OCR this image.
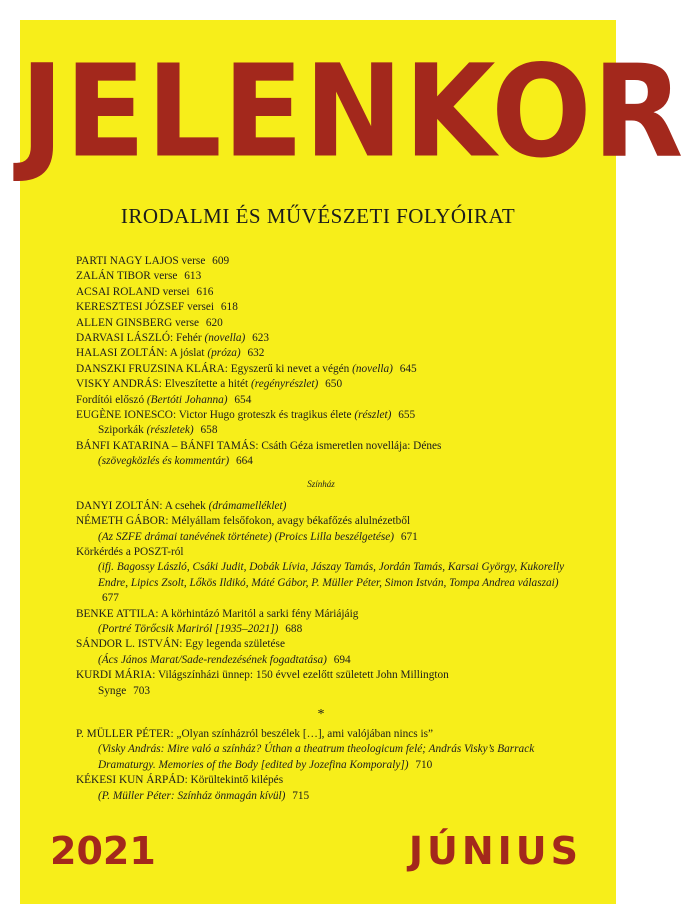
JELENKOR
IRODALMI ÉS MŰVÉSZETI FOLYÓIRAT
PARTI NAGY LAJOS verse 609
ZALÁN TIBOR verse 613
ACSAI ROLAND versei 616
KERESZTESI JÓZSEF versei 618
ALLEN GINSBERG verse 620
DARVASI LÁSZLÓ: Fehér (novella) 623
HALASI ZOLTÁN: A jóslat (próza) 632
DANSZKI FRUZSINA KLÁRA: Egyszerű ki nevet a végén (novella) 645
VISKY ANDRÁS: Elveszítette a hitét (regényrészlet) 650
Fordítói előszó (Bertóti Johanna) 654
EUGÈNE IONESCO: Victor Hugo groteszk és tragikus élete (részlet) 655
Sziporkák (részletek) 658
BÁNFI KATARINA – BÁNFI TAMÁS: Csáth Géza ismeretlen novellája: Dénes
(szövegközlés és kommentár) 664
Színház
DANYI ZOLTÁN: A csehek (drámamelléklet)
NÉMETH GÁBOR: Mélyállam felsőfokon, avagy békafőzés alulnézetből
(Az SZFE drámai tanévének története) (Proics Lilla beszélgetése) 671
Körkérdés a POSZT-ról
(ifj. Bagossy László, Csáki Judit, Dobák Lívia, Jászay Tamás, Jordán Tamás, Karsai György, Kukorelly Endre, Lipics Zsolt, Lőkös Ildikó, Máté Gábor, P. Müller Péter, Simon István, Tompa Andrea válaszai) 677
BENKE ATTILA: A körhintázó Maritól a sarki fény Máriájáig
(Portré Törőcsik Mariról [1935–2021]) 688
SÁNDOR L. ISTVÁN: Egy legenda születése
(Ács János Marat/Sade-rendezésének fogadtatása) 694
KURDI MÁRIA: Világszínházi ünnep: 150 évvel ezelőtt született John Millington
Synge 703
*
P. MÜLLER PÉTER: „Olyan színházról beszélek […], ami valójában nincs is”
(Visky András: Mire való a színház? Úthan a theatrum theologicum felé; András Visky’s Barrack Dramaturgy. Memories of the Body [edited by Jozefina Komporaly]) 710
KÉKESI KUN ÁRPÁD: Körültekintő kilépés
(P. Müller Péter: Színház önmagán kívül) 715
2021	JÚNIUS
